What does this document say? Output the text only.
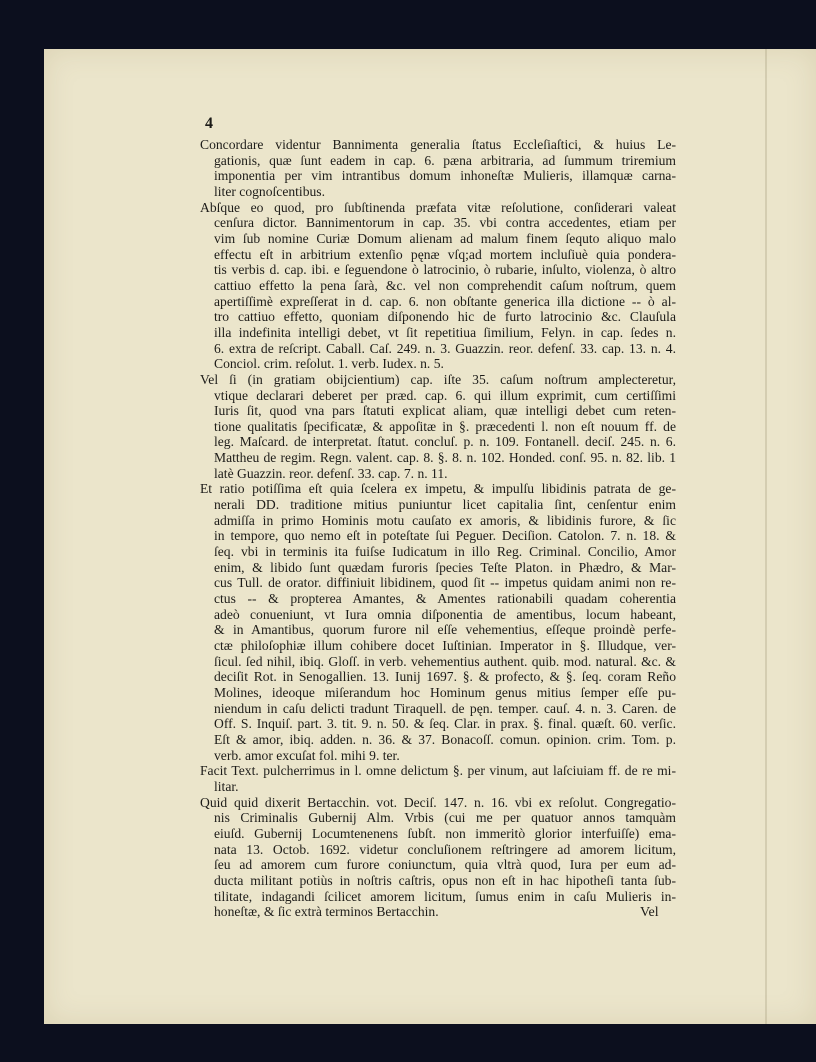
4
Concordare videntur Bannimenta generalia ſtatus Eccleſiaſtici, & huius Le-
gationis, quæ ſunt eadem in cap. 6. pæna arbitraria, ad ſummum triremium
imponentia per vim intrantibus domum inhoneſtæ Mulieris, illamquæ carna-
liter cognoſcentibus.
Abſque eo quod, pro ſubſtinenda præfata vitæ reſolutione, conſiderari valeat
cenſura dictor. Bannimentorum in cap. 35. vbi contra accedentes, etiam per
vim ſub nomine Curiæ Domum alienam ad malum finem ſequto aliquo malo
effectu eſt in arbitrium extenſio pęnæ vſq;ad mortem incluſiuè quia pondera-
tis verbis d. cap. ibi. e ſeguendone ò latrocinio, ò rubarie, inſulto, violenza, ò altro
cattiuo effetto la pena ſarà, &c. vel non comprehendit caſum noſtrum, quem
apertiſſimè expreſſerat in d. cap. 6. non obſtante generica illa dictione -- ò al-
tro cattiuo effetto, quoniam diſponendo hic de furto latrocinio &c. Clauſula
illa indefinita intelligi debet, vt ſit repetitiua ſimilium, Felyn. in cap. ſedes n.
6. extra de reſcript. Caball. Caſ. 249. n. 3. Guazzin. reor. defenſ. 33. cap. 13. n. 4.
Conciol. crim. reſolut. 1. verb. Iudex. n. 5.
Vel ſi (in gratiam obijcientium) cap. iſte 35. caſum noſtrum amplecteretur,
vtique declarari deberet per præd. cap. 6. qui illum exprimit, cum certiſſimi
Iuris ſit, quod vna pars ſtatuti explicat aliam, quæ intelligi debet cum reten-
tione qualitatis ſpecificatæ, & appoſitæ in §. præcedenti l. non eſt nouum ff. de
leg. Maſcard. de interpretat. ſtatut. concluſ. p. n. 109. Fontanell. deciſ. 245. n. 6.
Mattheu de regim. Regn. valent. cap. 8. §. 8. n. 102. Honded. conſ. 95. n. 82. lib. 1
latè Guazzin. reor. defenſ. 33. cap. 7. n. 11.
Et ratio potiſſima eſt quia ſcelera ex impetu, & impulſu libidinis patrata de ge-
nerali DD. traditione mitius puniuntur licet capitalia ſint, cenſentur enim
admiſſa in primo Hominis motu cauſato ex amoris, & libidinis furore, & ſic
in tempore, quo nemo eſt in poteſtate ſui Peguer. Deciſion. Catolon. 7. n. 18. &
ſeq. vbi in terminis ita fuiſse Iudicatum in illo Reg. Criminal. Concilio, Amor
enim, & libido ſunt quædam furoris ſpecies Teſte Platon. in Phædro, & Mar-
cus Tull. de orator. diffiniuit libidinem, quod ſit -- impetus quidam animi non re-
ctus -- & propterea Amantes, & Amentes rationabili quadam coherentia
adeò conueniunt, vt Iura omnia diſponentia de amentibus, locum habeant,
& in Amantibus, quorum furore nil eſſe vehementius, eſſeque proindè perfe-
ctæ philoſophiæ illum cohibere docet Iuſtinian. Imperator in §. Illudque, ver-
ſicul. ſed nihil, ibiq. Gloſſ. in verb. vehementius authent. quib. mod. natural. &c. &
deciſit Rot. in Senogallien. 13. Iunij 1697. §. & profecto, & §. ſeq. coram Reño
Molines, ideoque miſerandum hoc Hominum genus mitius ſemper eſſe pu-
niendum in caſu delicti tradunt Tiraquell. de pęn. temper. cauſ. 4. n. 3. Caren. de
Off. S. Inquiſ. part. 3. tit. 9. n. 50. & ſeq. Clar. in prax. §. final. quæſt. 60. verſic.
Eſt & amor, ibiq. adden. n. 36. & 37. Bonacoſſ. comun. opinion. crim. Tom. p.
verb. amor excuſat fol. mihi 9. ter.
Facit Text. pulcherrimus in l. omne delictum §. per vinum, aut laſciuiam ff. de re mi-
litar.
Quid quid dixerit Bertacchin. vot. Deciſ. 147. n. 16. vbi ex reſolut. Congregatio-
nis Criminalis Gubernij Alm. Vrbis (cui me per quatuor annos tamquàm
eiuſd. Gubernij Locumtenenens ſubſt. non immeritò glorior interfuiſſe) ema-
nata 13. Octob. 1692. videtur concluſionem reſtringere ad amorem licitum,
ſeu ad amorem cum furore coniunctum, quia vltrà quod, Iura per eum ad-
ducta militant potiùs in noſtris caſtris, opus non eſt in hac hipotheſi tanta ſub-
tilitate, indagandi ſcilicet amorem licitum, ſumus enim in caſu Mulieris in-
honeſtæ, & ſic extrà terminos Bertacchin.	Vel
